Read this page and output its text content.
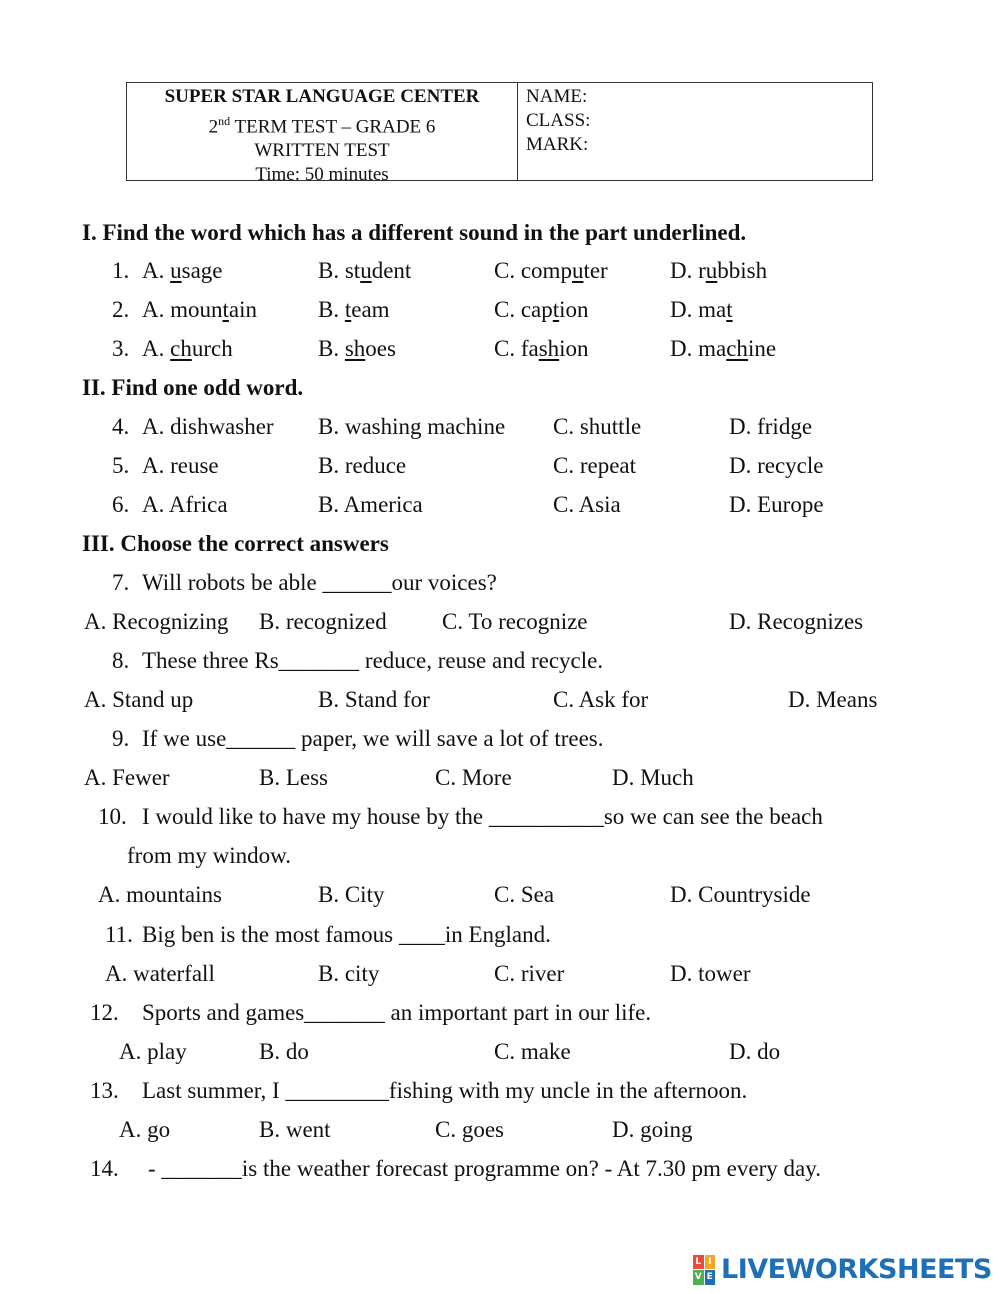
SUPER STAR LANGUAGE CENTER
2nd TERM TEST – GRADE 6
WRITTEN TEST
Time: 50 minutes
NAME:
CLASS:
MARK:
I. Find the word which has a different sound in the part underlined.
1. A. usage	B. student	C. computer	D. rubbish
2. A. mountain	B. team	C. caption	D. mat
3. A. church	B. shoes	C. fashion	D. machine
II. Find one odd word.
4. A. dishwasher B. washing machine C. shuttle	D. fridge
5. A. reuse	B. reduce	C. repeat	D. recycle
6. A. Africa	B. America	C. Asia	D. Europe
III. Choose the correct answers
7. Will robots be able ______our voices?
A. Recognizing B. recognized C. To recognize	D. Recognizes
8. These three Rs_______ reduce, reuse and recycle.
A. Stand up	B. Stand for	C. Ask for	D. Means
9. If we use______ paper, we will save a lot of trees.
A. Fewer	B. Less	C. More	D. Much
10. I would like to have my house by the __________so we can see the beach
from my window.
A. mountains	B. City	C. Sea	D. Countryside
11. Big ben is the most famous ____in England.
A. waterfall	B. city	C. river	D. tower
12. Sports and games_______ an important part in our life.
A. play	B. do	C. make	D. do
13. Last summer, I _________fishing with my uncle in the afternoon.
A. go	B. went	C. goes	D. going
14. - _______is the weather forecast programme on? - At 7.30 pm every day.
L I
V E LIVEWORKSHEETS
